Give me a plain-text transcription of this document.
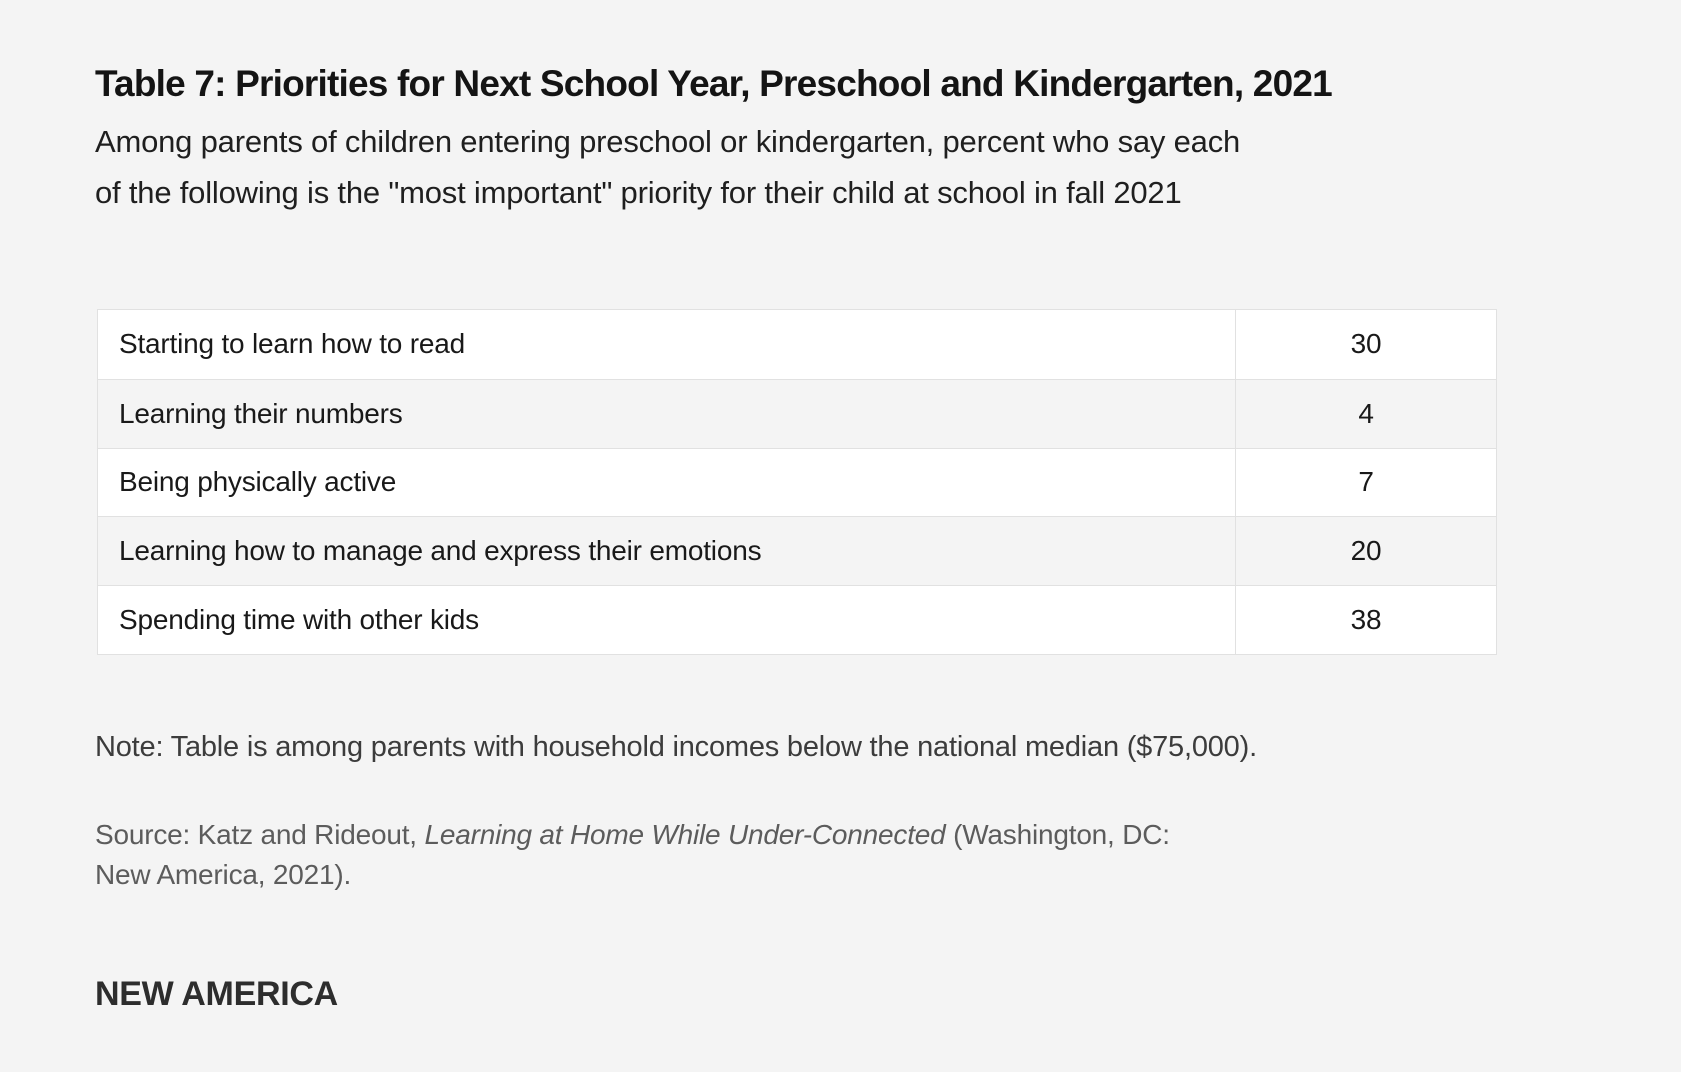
Table 7: Priorities for Next School Year, Preschool and Kindergarten, 2021

Among parents of children entering preschool or kindergarten, percent who say each
of the following is the "most important" priority for their child at school in fall 2021

Starting to learn how to read	30
Learning their numbers	4
Being physically active	7
Learning how to manage and express their emotions	20
Spending time with other kids	38

Note: Table is among parents with household incomes below the national median ($75,000).

Source: Katz and Rideout, Learning at Home While Under-Connected (Washington, DC:
New America, 2021).

NEW AMERICA
